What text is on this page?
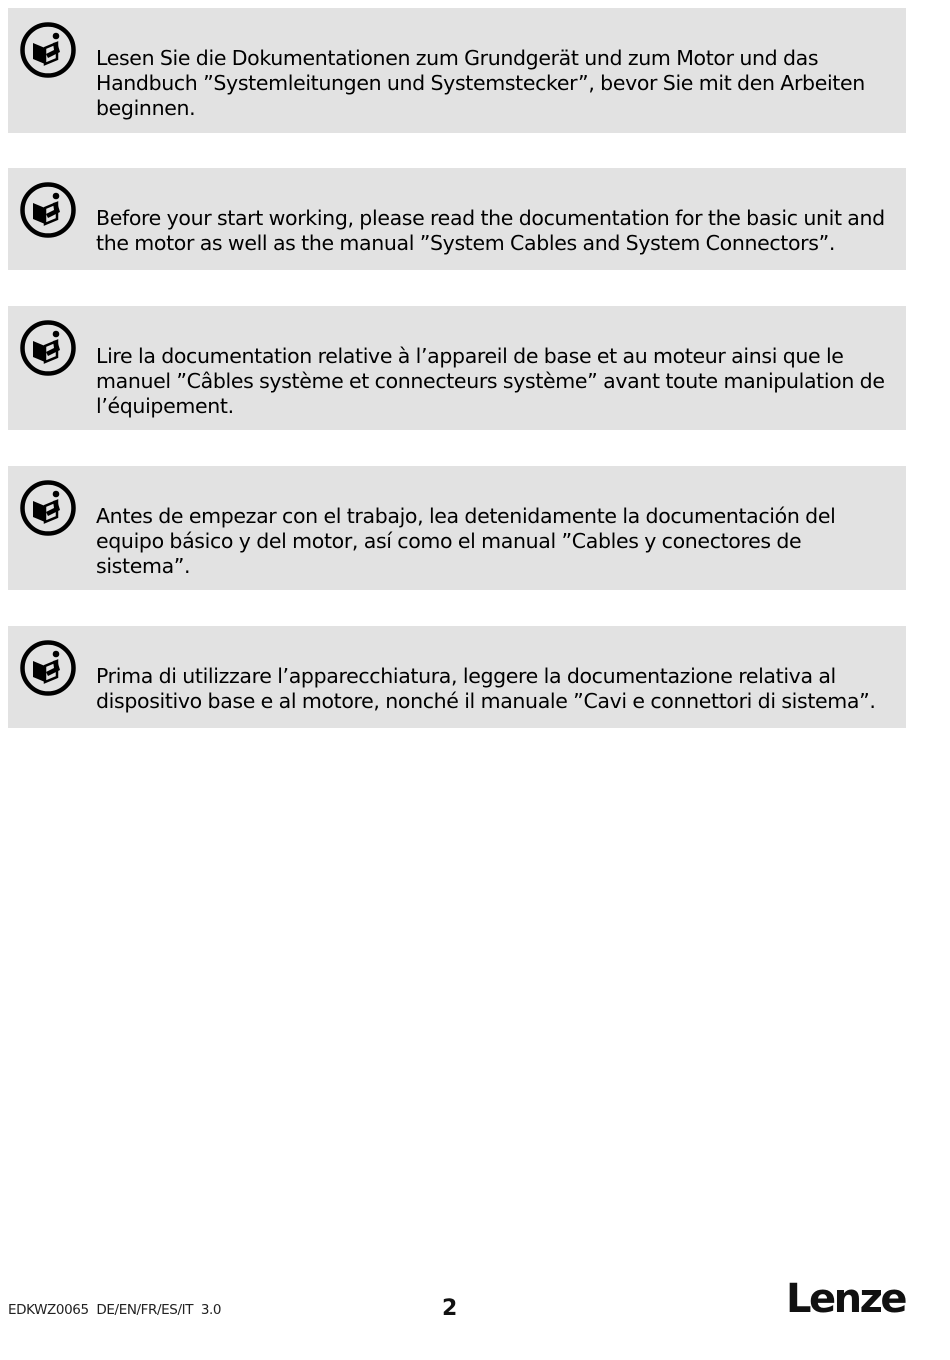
Lesen Sie die Dokumentationen zum Grundgerät und zum Motor und das Handbuch ”Systemleitungen und Systemstecker”, bevor Sie mit den Arbeiten beginnen.

Before your start working, please read the documentation for the basic unit and the motor as well as the manual ”System Cables and System Connectors”.

Lire la documentation relative à l’appareil de base et au moteur ainsi que le manuel ”Câbles système et connecteurs système” avant toute manipulation de l’équipement.

Antes de empezar con el trabajo, lea detenidamente la documentación del equipo básico y del motor, así como el manual ”Cables y conectores de sistema”.

Prima di utilizzare l’apparecchiatura, leggere la documentazione relativa al dispositivo base e al motore, nonché il manuale ”Cavi e connettori di sistema”.

EDKWZ0065  DE/EN/FR/ES/IT  3.0	2	Lenze
